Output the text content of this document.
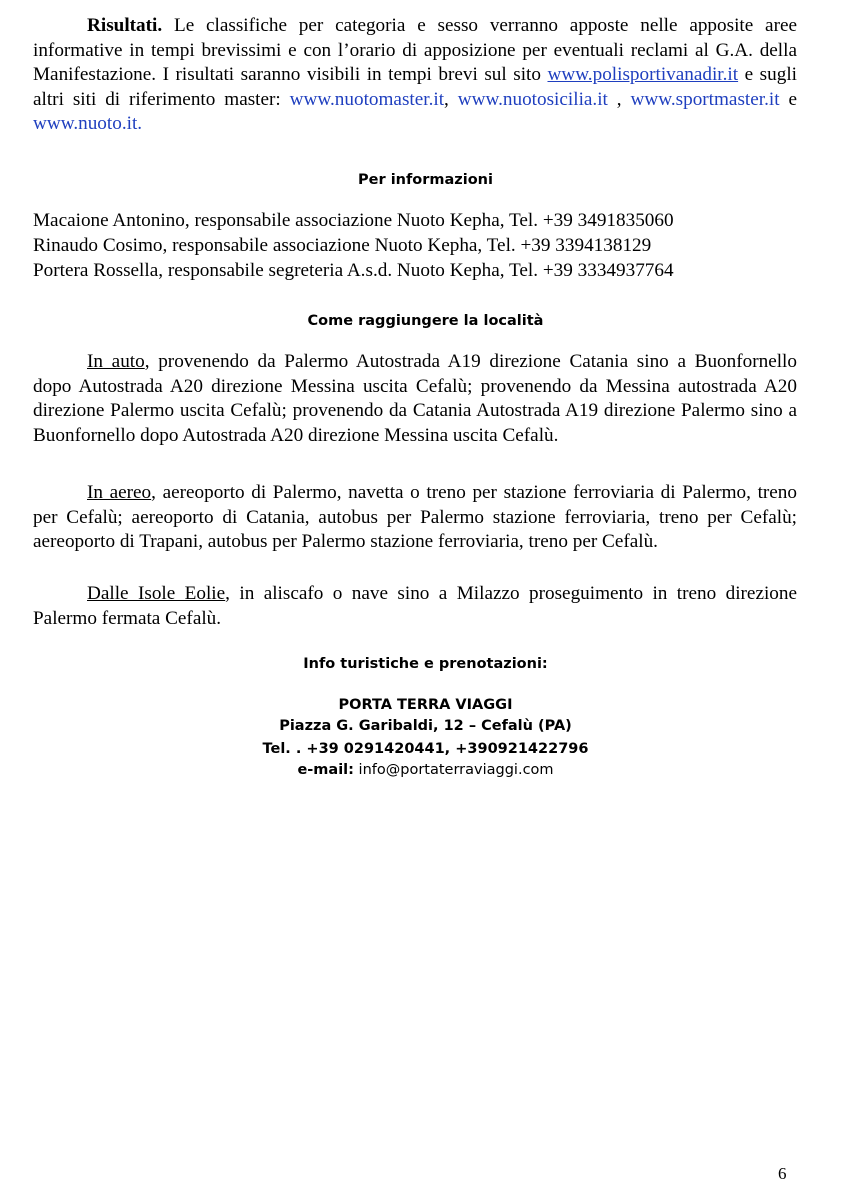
Risultati. Le classifiche per categoria e sesso verranno apposte nelle apposite aree informative in tempi brevissimi e con l’orario di apposizione per eventuali reclami al G.A. della Manifestazione. I risultati saranno visibili in tempi brevi sul sito www.polisportivanadir.it e sugli altri siti di riferimento master: www.nuotomaster.it, www.nuotosicilia.it , www.sportmaster.it e www.nuoto.it.

Per informazioni

Macaione Antonino, responsabile associazione Nuoto Kepha, Tel. +39 3491835060

Rinaudo Cosimo, responsabile associazione Nuoto Kepha, Tel. +39 3394138129

Portera Rossella, responsabile segreteria A.s.d. Nuoto Kepha, Tel. +39 3334937764

Come raggiungere la località

In auto, provenendo da Palermo Autostrada A19 direzione Catania sino a Buonfornello dopo Autostrada A20 direzione Messina uscita Cefalù; provenendo da Messina autostrada A20 direzione Palermo uscita Cefalù; provenendo da Catania Autostrada A19 direzione Palermo sino a Buonfornello dopo Autostrada A20 direzione Messina uscita Cefalù.

In aereo, aereoporto di Palermo, navetta o treno per stazione ferroviaria di Palermo, treno per Cefalù; aereoporto di Catania, autobus per Palermo stazione ferroviaria, treno per Cefalù; aereoporto di Trapani, autobus per Palermo stazione ferroviaria, treno per Cefalù.

Dalle Isole Eolie, in aliscafo o nave sino a Milazzo proseguimento in treno direzione Palermo fermata Cefalù.

Info turistiche e prenotazioni:
PORTA TERRA VIAGGI
Piazza G. Garibaldi, 12 – Cefalù (PA)
Tel. . +39 0291420441, +390921422796
e-mail: info@portaterraviaggi.com
6
